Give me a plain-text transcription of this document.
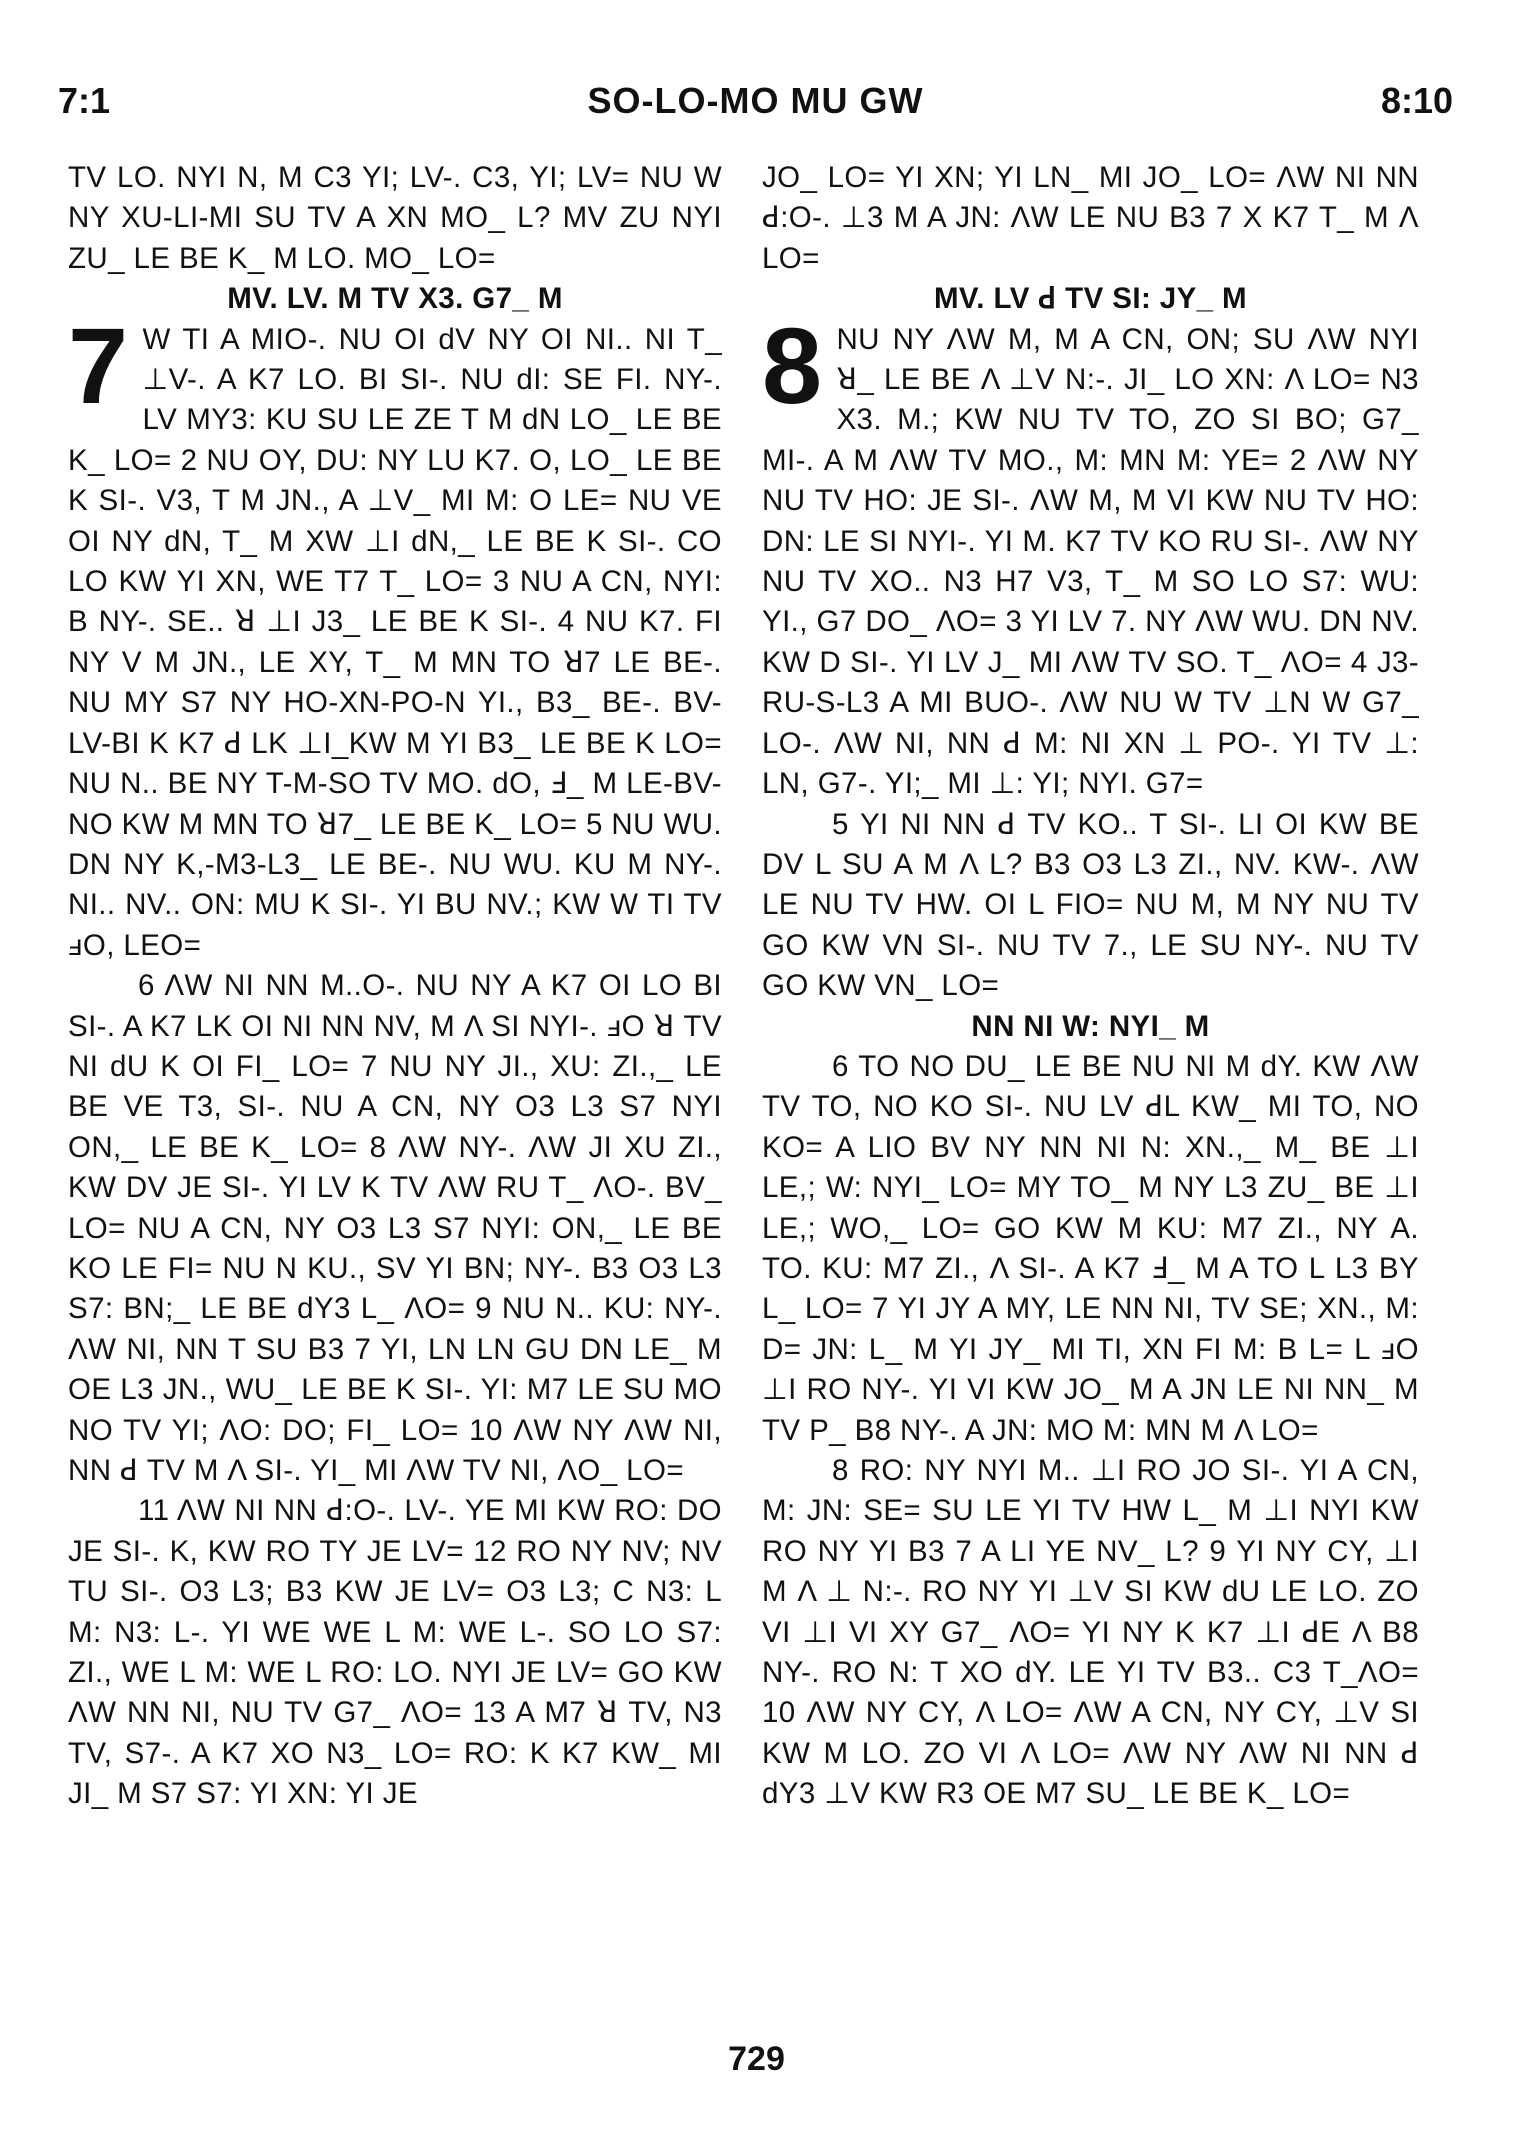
7:1	SO-LO-MO MU GW	8:10

TV LO. NYI N, M C3 YI; LV-. C3, YI; LV= NU W NY XU-LI-MI SU TV A XN MO_ L? MV ZU NYI ZU_ LE BE K_ M LO. MO_ LO=

MV. LV. M TV X3. G7_ M

7 W TI A MIO-. NU OI dV NY OI NI.. NI T_ ⊥V-. A K7 LO. BI SI-. NU dI: SE FI. NY-. LV MY3: KU SU LE ZE T M dN LO_ LE BE K_ LO= 2 NU OY, DU: NY LU K7. O, LO_ LE BE K SI-. V3, T M JN., A ⊥V_ MI M: O LE= NU VE OI NY dN, T_ M XW ⊥I dN,_ LE BE K SI-. CO LO KW YI XN, WE T7 T_ LO= 3 NU A CN, NYI: B NY-. SE.. ꓤ ⊥I J3_ LE BE K SI-. 4 NU K7. FI NY V M JN., LE XY, T_ M MN TO ꓤ7 LE BE-. NU MY S7 NY HO-XN-PO-N YI., B3_ BE-. BV-LV-BI K K7 ꓒ LK ⊥I_KW M YI B3_ LE BE K LO= NU N.. BE NY T-M-SO TV MO. dO, Ⅎ_ M LE-BV-NO KW M MN TO ꓤ7_ LE BE K_ LO= 5 NU WU. DN NY K,-M3-L3_ LE BE-. NU WU. KU M NY-. NI.. NV.. ON: MU K SI-. YI BU NV.; KW W TI TV ⅎO, LEO=

6 ΛW NI NN M..O-. NU NY A K7 OI LO BI SI-. A K7 LK OI NI NN NV, M Λ SI NYI-. ⅎO ꓤ TV NI dU K OI FI_ LO= 7 NU NY JI., XU: ZI.,_ LE BE VE T3, SI-. NU A CN, NY O3 L3 S7 NYI ON,_ LE BE K_ LO= 8 ΛW NY-. ΛW JI XU ZI., KW DV JE SI-. YI LV K TV ΛW RU T_ ΛO-. BV_ LO= NU A CN, NY O3 L3 S7 NYI: ON,_ LE BE KO LE FI= NU N KU., SV YI BN; NY-. B3 O3 L3 S7: BN;_ LE BE dY3 L_ ΛO= 9 NU N.. KU: NY-. ΛW NI, NN T SU B3 7 YI, LN LN GU DN LE_ M OE L3 JN., WU_ LE BE K SI-. YI: M7 LE SU MO NO TV YI; ΛO: DO; FI_ LO= 10 ΛW NY ΛW NI, NN ꓒ TV M Λ SI-. YI_ MI ΛW TV NI, ΛO_ LO=

11 ΛW NI NN ꓒ:O-. LV-. YE MI KW RO: DO JE SI-. K, KW RO TY JE LV= 12 RO NY NV; NV TU SI-. O3 L3; B3 KW JE LV= O3 L3; C N3: L M: N3: L-. YI WE WE L M: WE L-. SO LO S7: ZI., WE L M: WE L RO: LO. NYI JE LV= GO KW ΛW NN NI, NU TV G7_ ΛO= 13 A M7 ꓤ TV, N3 TV, S7-. A K7 XO N3_ LO= RO: K K7 KW_ MI JI_ M S7 S7: YI XN: YI JE

JO_ LO= YI XN; YI LN_ MI JO_ LO= ΛW NI NN ꓒ:O-. ⊥3 M A JN: ΛW LE NU B3 7 X K7 T_ M Λ LO=

MV. LV ꓒ TV SI: JY_ M

8 NU NY ΛW M, M A CN, ON; SU ΛW NYI ꓤ_ LE BE Λ ⊥V N:-. JI_ LO XN: Λ LO= N3 X3. M.; KW NU TV TO, ZO SI BO; G7_ MI-. A M ΛW TV MO., M: MN M: YE= 2 ΛW NY NU TV HO: JE SI-. ΛW M, M VI KW NU TV HO: DN: LE SI NYI-. YI M. K7 TV KO RU SI-. ΛW NY NU TV XO.. N3 H7 V3, T_ M SO LO S7: WU: YI., G7 DO_ ΛO= 3 YI LV 7. NY ΛW WU. DN NV. KW D SI-. YI LV J_ MI ΛW TV SO. T_ ΛO= 4 J3-RU-S-L3 A MI BUO-. ΛW NU W TV ⊥N W G7_ LO-. ΛW NI, NN ꓒ M: NI XN ⊥ PO-. YI TV ⊥: LN, G7-. YI;_ MI ⊥: YI; NYI. G7=

5 YI NI NN ꓒ TV KO.. T SI-. LI OI KW BE DV L SU A M Λ L? B3 O3 L3 ZI., NV. KW-. ΛW LE NU TV HW. OI L FIO= NU M, M NY NU TV GO KW VN SI-. NU TV 7., LE SU NY-. NU TV GO KW VN_ LO=

NN NI W: NYI_ M

6 TO NO DU_ LE BE NU NI M dY. KW ΛW TV TO, NO KO SI-. NU LV ꓒL KW_ MI TO, NO KO= A LIO BV NY NN NI N: XN.,_ M_ BE ⊥I LE,; W: NYI_ LO= MY TO_ M NY L3 ZU_ BE ⊥I LE,; WO,_ LO= GO KW M KU: M7 ZI., NY A. TO. KU: M7 ZI., Λ SI-. A K7 Ⅎ_ M A TO L L3 BY L_ LO= 7 YI JY A MY, LE NN NI, TV SE; XN., M: D= JN: L_ M YI JY_ MI TI, XN FI M: B L= L ⅎO ⊥I RO NY-. YI VI KW JO_ M A JN LE NI NN_ M TV P_ B8 NY-. A JN: MO M: MN M Λ LO=

8 RO: NY NYI M.. ⊥I RO JO SI-. YI A CN, M: JN: SE= SU LE YI TV HW L_ M ⊥I NYI KW RO NY YI B3 7 A LI YE NV_ L? 9 YI NY CY, ⊥I M Λ ⊥ N:-. RO NY YI ⊥V SI KW dU LE LO. ZO VI ⊥I VI XY G7_ ΛO= YI NY K K7 ⊥I ꓒE Λ B8 NY-. RO N: T XO dY. LE YI TV B3.. C3 T_ΛO= 10 ΛW NY CY, Λ LO= ΛW A CN, NY CY, ⊥V SI KW M LO. ZO VI Λ LO= ΛW NY ΛW NI NN ꓒ dY3 ⊥V KW R3 OE M7 SU_ LE BE K_ LO=

729
